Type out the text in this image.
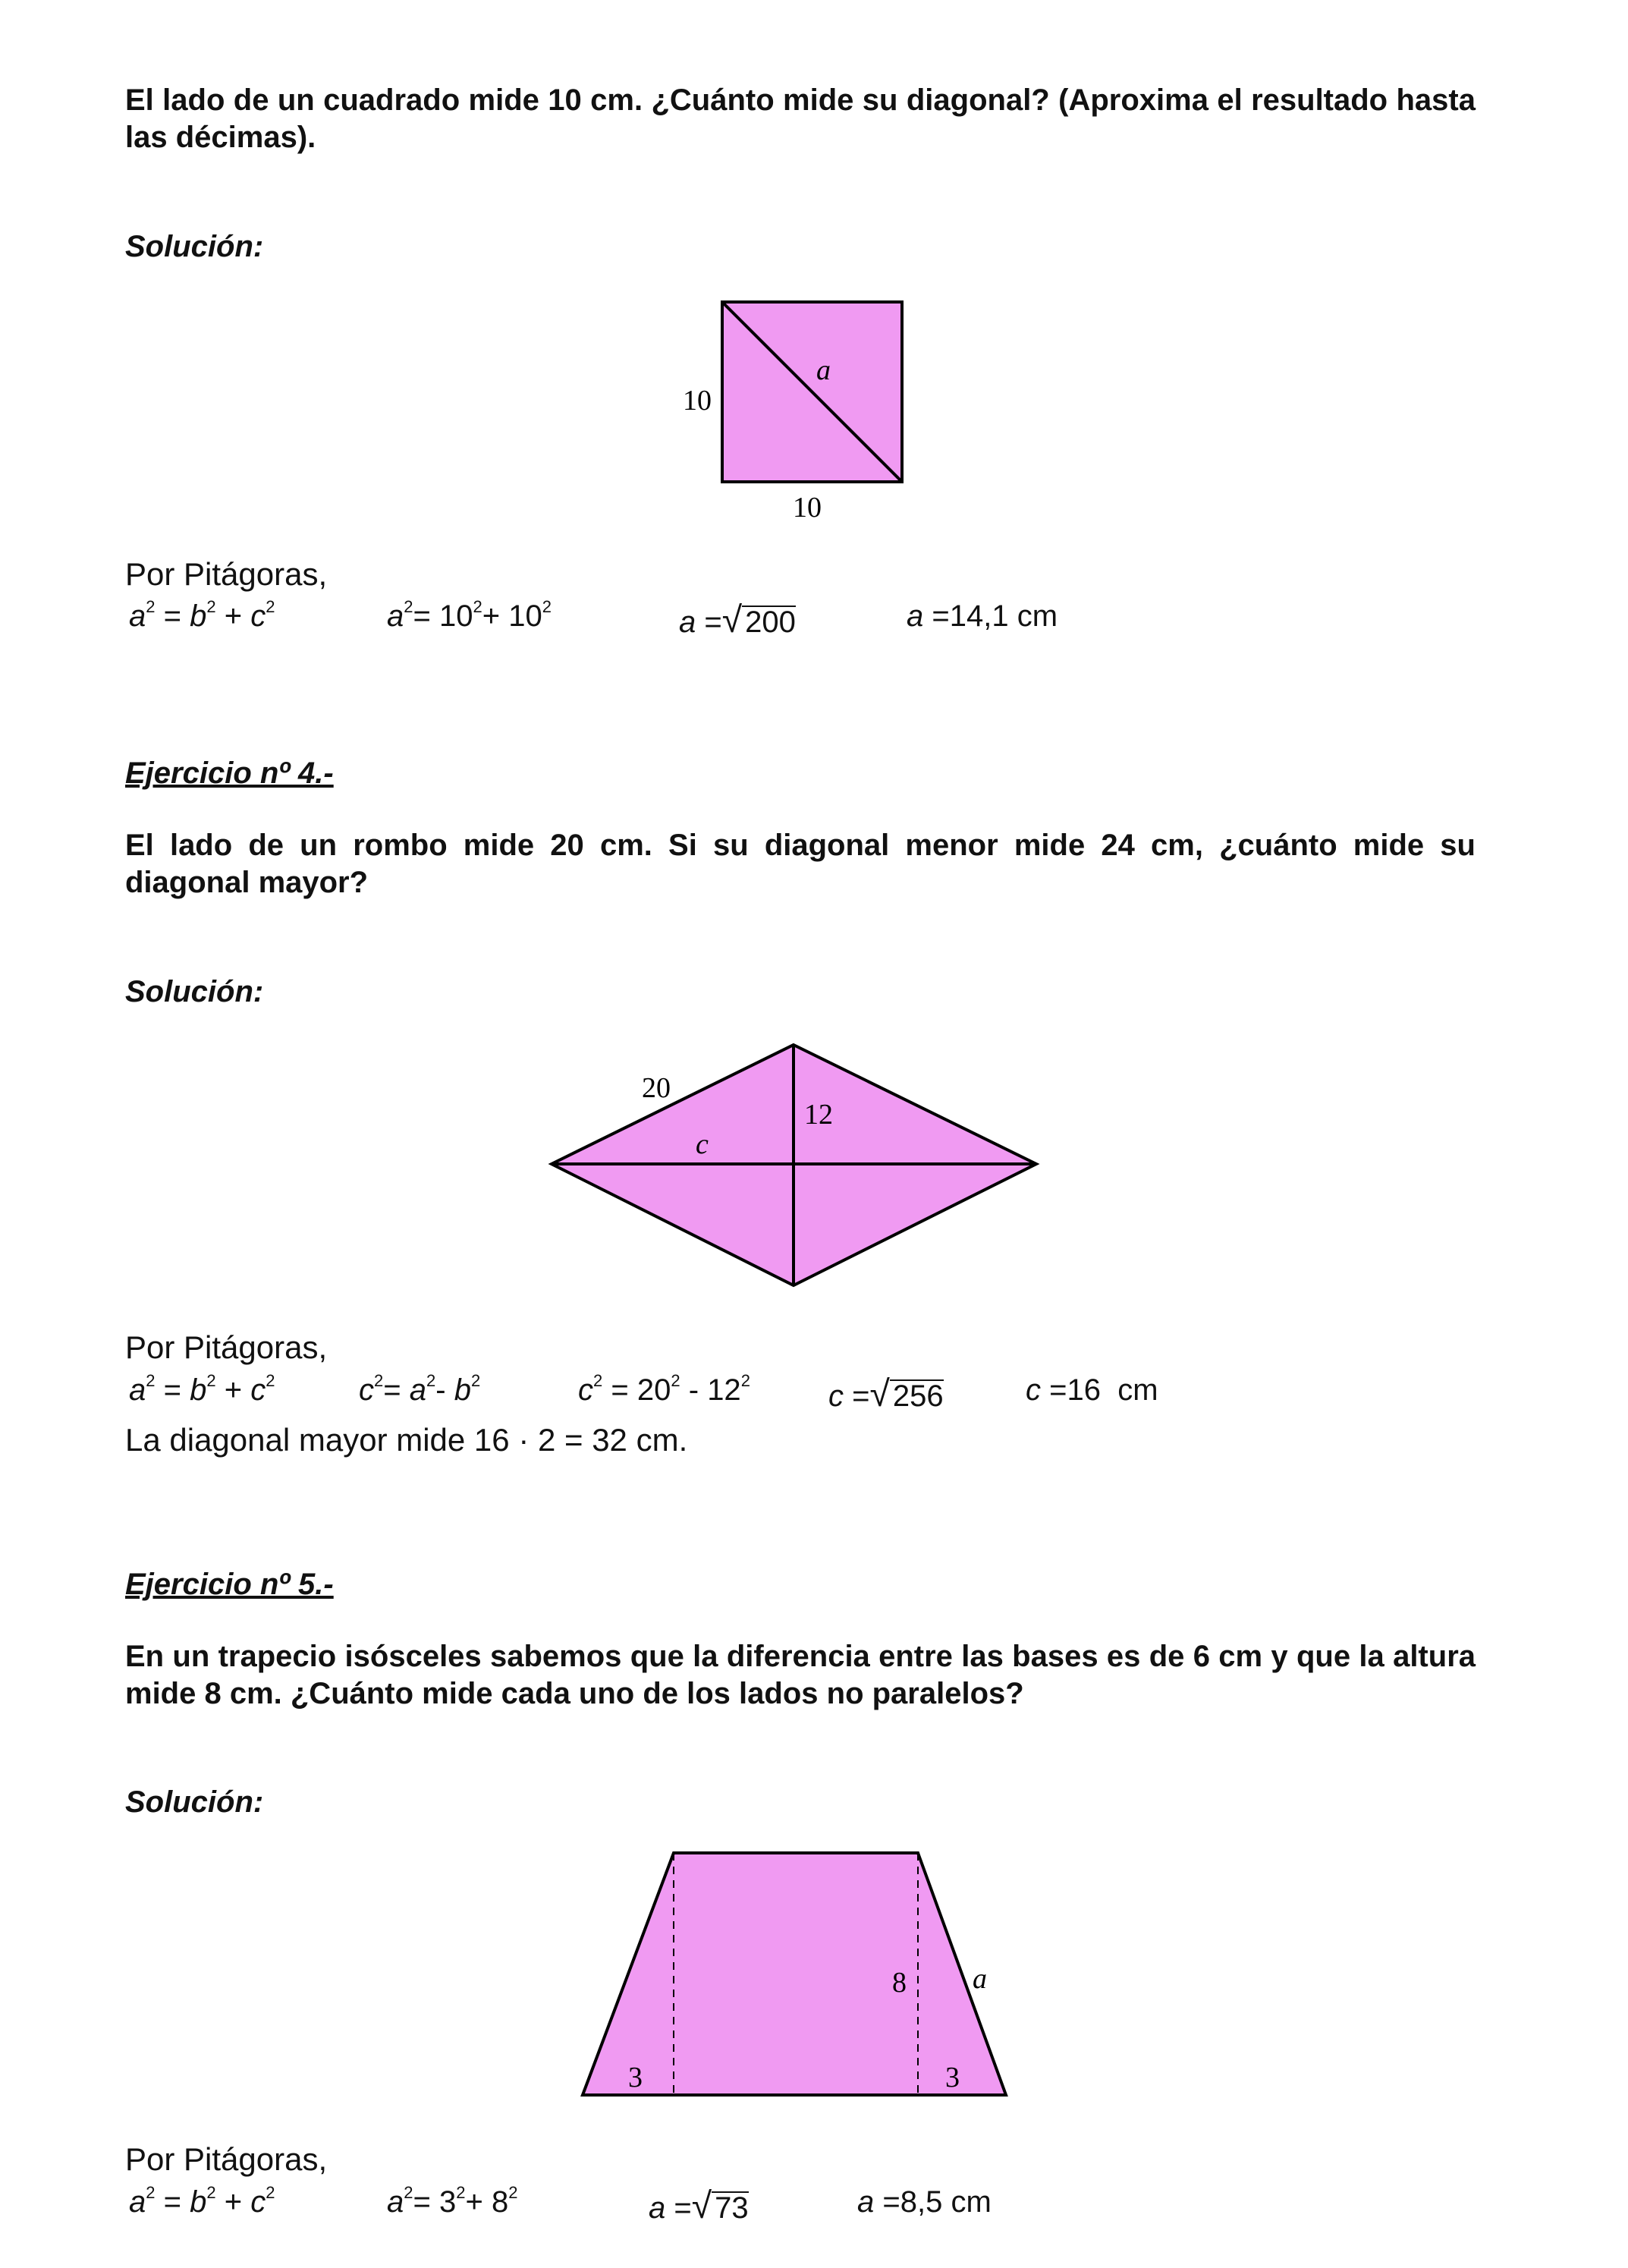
El lado de un cuadrado mide 10 cm. ¿Cuánto mide su diagonal? (Aproxima el resultado hasta las décimas).
Solución:
10
10
a
20
12
c
3	3
8 a
Por Pitágoras,
$a^2 = b^2 + c^2$	$a^2= 10^2+ 10^2$	a =√ 200	a =14,1 cm
Ejercicio nº 4.-
El lado de un rombo mide 20 cm. Si su diagonal menor mide 24 cm, ¿cuánto mide su diagonal mayor?
Solución:
Por Pitágoras,
$a^2 = b^2 + c^2$	$c^2= a^2-$ $b^2$	$c^2 = 20^2 - 12^2$	c =√ 256	c =16  cm
La diagonal mayor mide 16 · 2 = 32 cm.
Ejercicio nº 5.-
En un trapecio isósceles sabemos que la diferencia entre las bases es de 6 cm y que la altura mide 8 cm. ¿Cuánto mide cada uno de los lados no paralelos?
Solución:
Por Pitágoras,
$a^2 = b^2 + c^2$	$a^2= 3^2+ 8^2$	a =√ 73	a =8,5 cm
